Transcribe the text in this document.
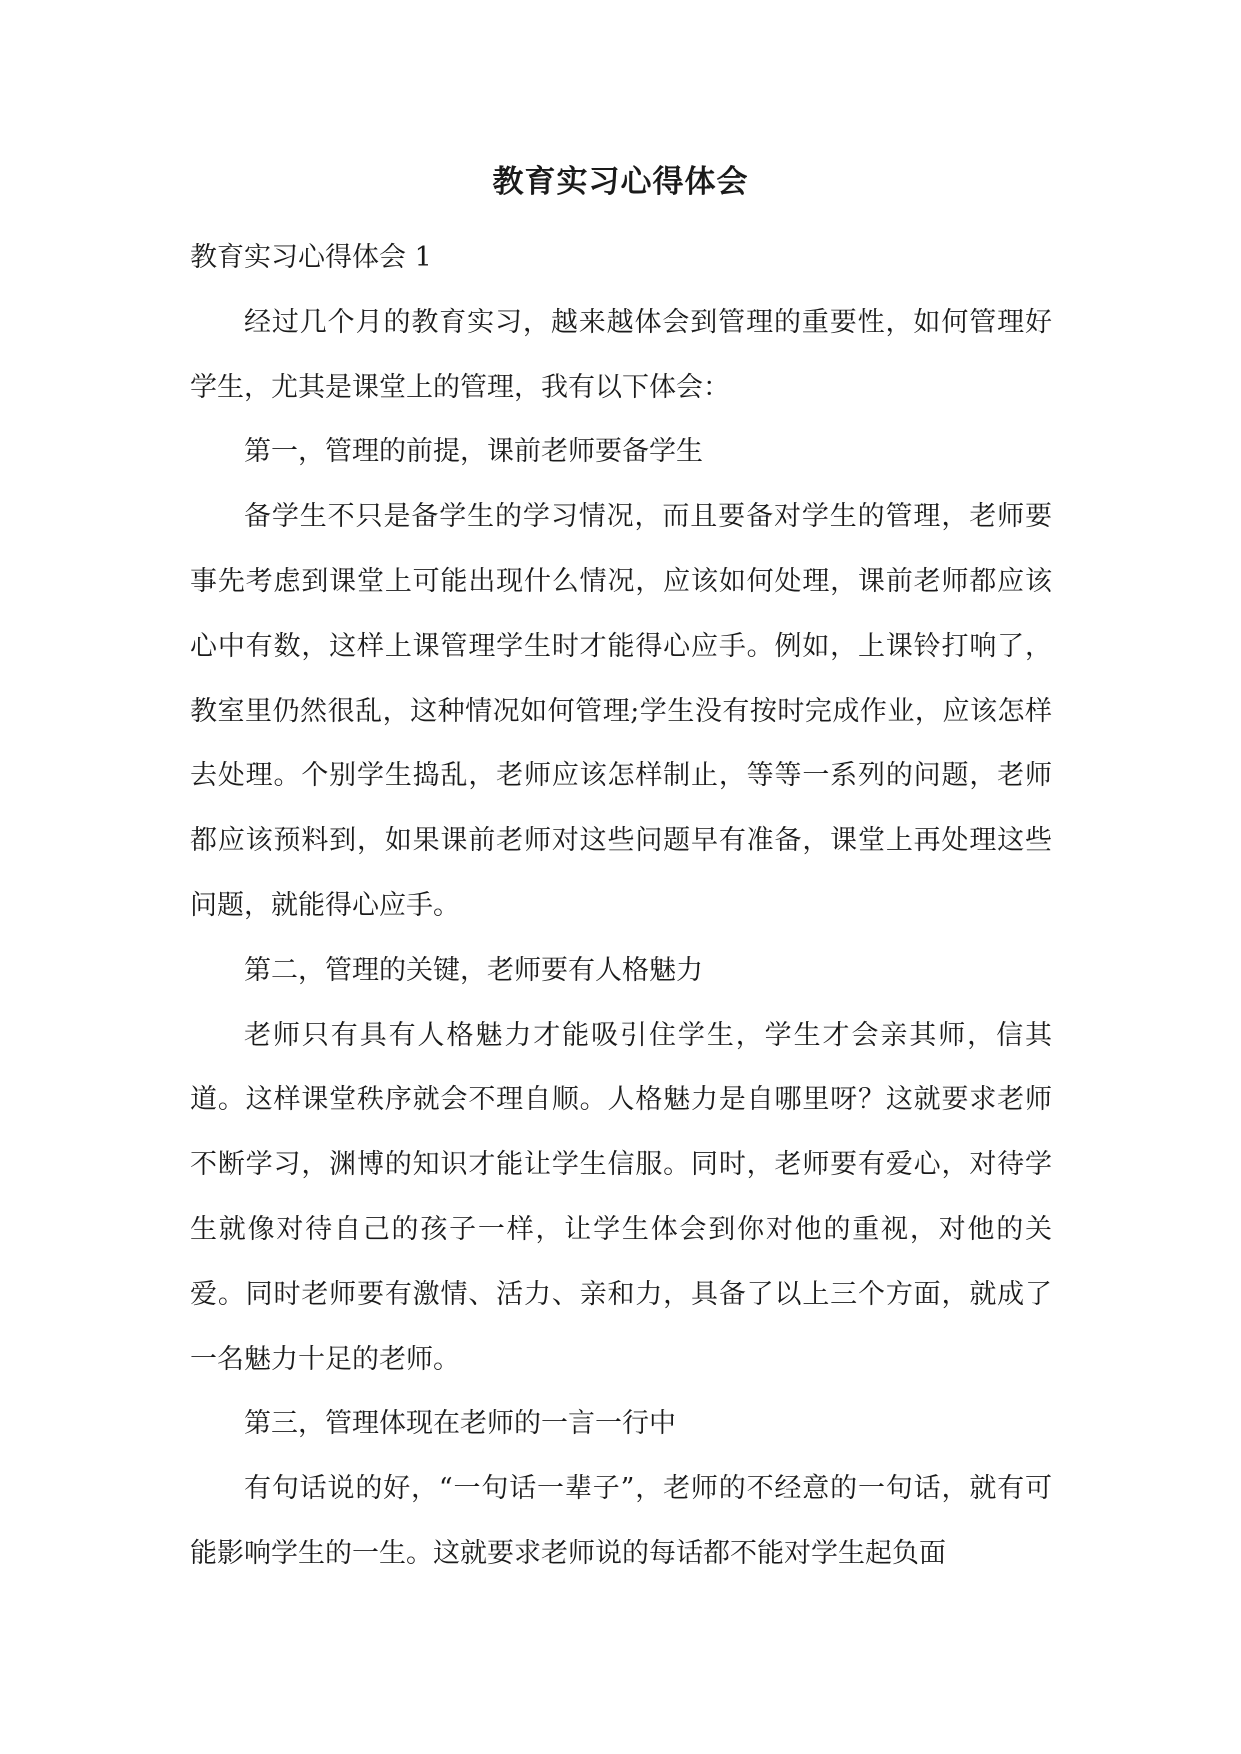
教育实习心得体会

教育实习心得体会 1

经过几个月的教育实习，越来越体会到管理的重要性，如何管理好学生，尤其是课堂上的管理，我有以下体会：

第一，管理的前提，课前老师要备学生

备学生不只是备学生的学习情况，而且要备对学生的管理，老师要事先考虑到课堂上可能出现什么情况，应该如何处理，课前老师都应该心中有数，这样上课管理学生时才能得心应手。例如，上课铃打响了，教室里仍然很乱，这种情况如何管理;学生没有按时完成作业，应该怎样去处理。个别学生捣乱，老师应该怎样制止，等等一系列的问题，老师都应该预料到，如果课前老师对这些问题早有准备，课堂上再处理这些问题，就能得心应手。

第二，管理的关键，老师要有人格魅力

老师只有具有人格魅力才能吸引住学生，学生才会亲其师，信其道。这样课堂秩序就会不理自顺。人格魅力是自哪里呀？这就要求老师不断学习，渊博的知识才能让学生信服。同时，老师要有爱心，对待学生就像对待自己的孩子一样，让学生体会到你对他的重视，对他的关爱。同时老师要有激情、活力、亲和力，具备了以上三个方面，就成了一名魅力十足的老师。

第三，管理体现在老师的一言一行中

有句话说的好，“一句话一辈子”，老师的不经意的一句话，就有可能影响学生的一生。这就要求老师说的每话都不能对学生起负面
